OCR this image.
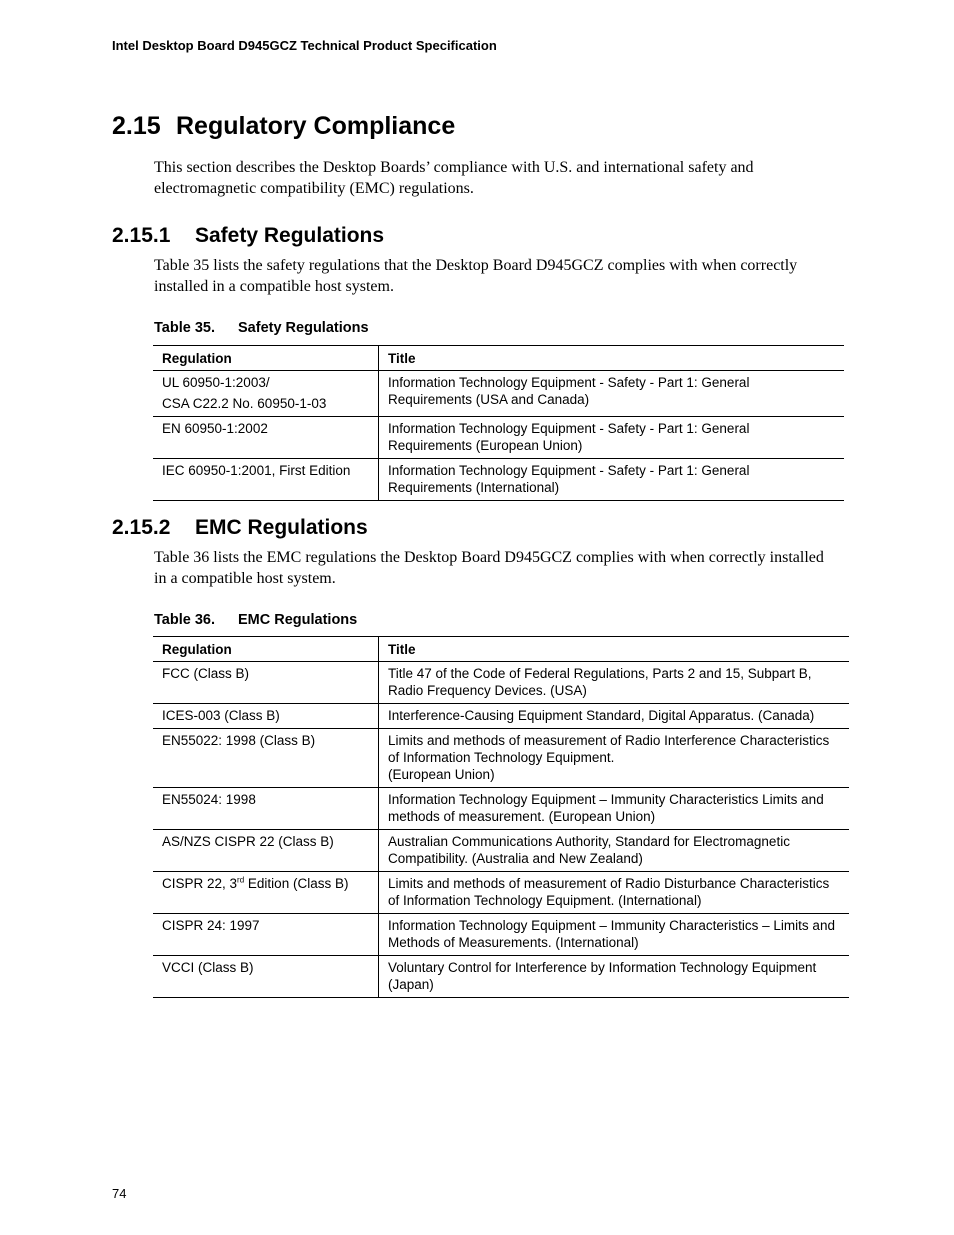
Intel Desktop Board D945GCZ Technical Product Specification
2.15 Regulatory Compliance

This section describes the Desktop Boards’ compliance with U.S. and international safety and electromagnetic compatibility (EMC) regulations.

2.15.1 Safety Regulations

Table 35 lists the safety regulations that the Desktop Board D945GCZ complies with when correctly installed in a compatible host system.

Table 35. Safety Regulations
Regulation	Title

UL 60950-1:2003/
CSA C22.2 No. 60950-1-03	Information Technology Equipment - Safety - Part 1: General Requirements (USA and Canada)
EN 60950-1:2002	Information Technology Equipment - Safety - Part 1: General Requirements (European Union)
IEC 60950-1:2001, First Edition	Information Technology Equipment - Safety - Part 1: General Requirements (International)
2.15.2 EMC Regulations

Table 36 lists the EMC regulations the Desktop Board D945GCZ complies with when correctly installed in a compatible host system.

Table 36. EMC Regulations
Regulation	Title
FCC (Class B)	Title 47 of the Code of Federal Regulations, Parts 2 and 15, Subpart B, Radio Frequency Devices. (USA)
ICES-003 (Class B)	Interference-Causing Equipment Standard, Digital Apparatus. (Canada)
EN55022: 1998 (Class B)	Limits and methods of measurement of Radio Interference Characteristics of Information Technology Equipment.
(European Union)

EN55024: 1998	Information Technology Equipment – Immunity Characteristics Limits and methods of measurement. (European Union)
AS/NZS CISPR 22 (Class B)	Australian Communications Authority, Standard for Electromagnetic Compatibility. (Australia and New Zealand)
CISPR 22, 3rd Edition (Class B)	Limits and methods of measurement of Radio Disturbance Characteristics of Information Technology Equipment. (International)
CISPR 24: 1997	Information Technology Equipment – Immunity Characteristics – Limits and Methods of Measurements. (International)
VCCI (Class B)	Voluntary Control for Interference by Information Technology Equipment (Japan)
74
